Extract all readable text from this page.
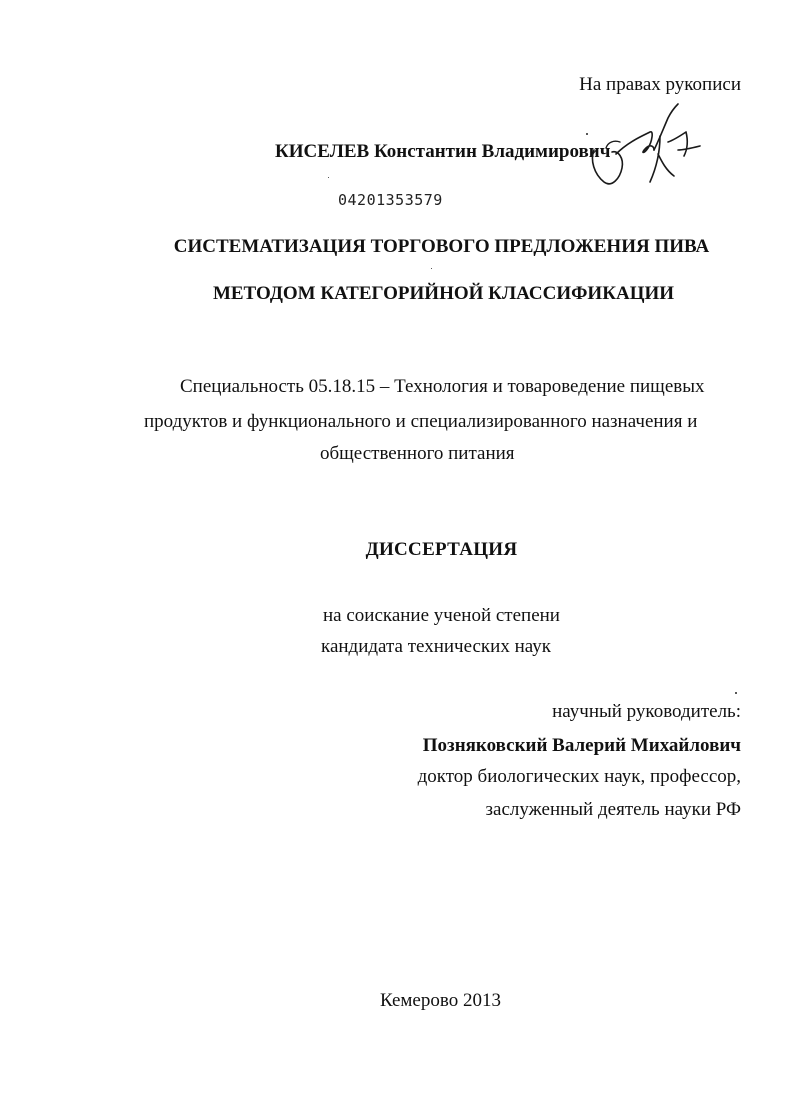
На правах рукописи
КИСЕЛЕВ Константин Владимирович
04201353579
СИСТЕМАТИЗАЦИЯ ТОРГОВОГО ПРЕДЛОЖЕНИЯ ПИВА
МЕТОДОМ КАТЕГОРИЙНОЙ КЛАССИФИКАЦИИ
Специальность 05.18.15 – Технология и товароведение пищевых
продуктов и функционального и специализированного назначения и
общественного питания
ДИССЕРТАЦИЯ
на соискание ученой степени
кандидата технических наук
научный руководитель:
Позняковский Валерий Михайлович
доктор биологических наук, профессор,
заслуженный деятель науки РФ
Кемерово 2013
